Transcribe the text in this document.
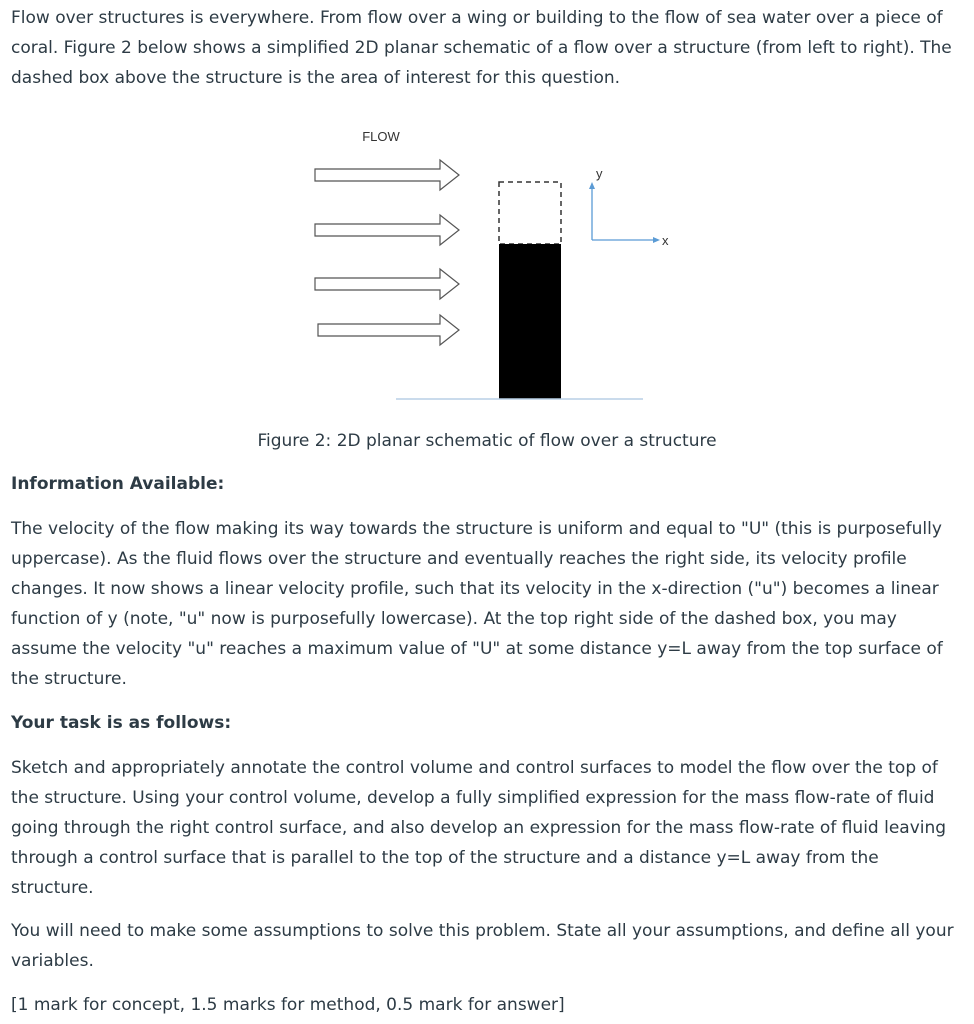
Flow over structures is everywhere. From flow over a wing or building to the flow of sea water over a piece of coral. Figure 2 below shows a simplified 2D planar schematic of a flow over a structure (from left to right). The dashed box above the structure is the area of interest for this question.

FLOW
y
x
Figure 2: 2D planar schematic of flow over a structure

Information Available:

The velocity of the flow making its way towards the structure is uniform and equal to "U" (this is purposefully uppercase). As the fluid flows over the structure and eventually reaches the right side, its velocity profile changes. It now shows a linear velocity profile, such that its velocity in the x-direction ("u") becomes a linear function of y (note, "u" now is purposefully lowercase). At the top right side of the dashed box, you may assume the velocity "u" reaches a maximum value of "U" at some distance y=L away from the top surface of the structure.

Your task is as follows:

Sketch and appropriately annotate the control volume and control surfaces to model the flow over the top of the structure. Using your control volume, develop a fully simplified expression for the mass flow-rate of fluid going through the right control surface, and also develop an expression for the mass flow-rate of fluid leaving through a control surface that is parallel to the top of the structure and a distance y=L away from the structure.

You will need to make some assumptions to solve this problem. State all your assumptions, and define all your variables.

[1 mark for concept, 1.5 marks for method, 0.5 mark for answer]
